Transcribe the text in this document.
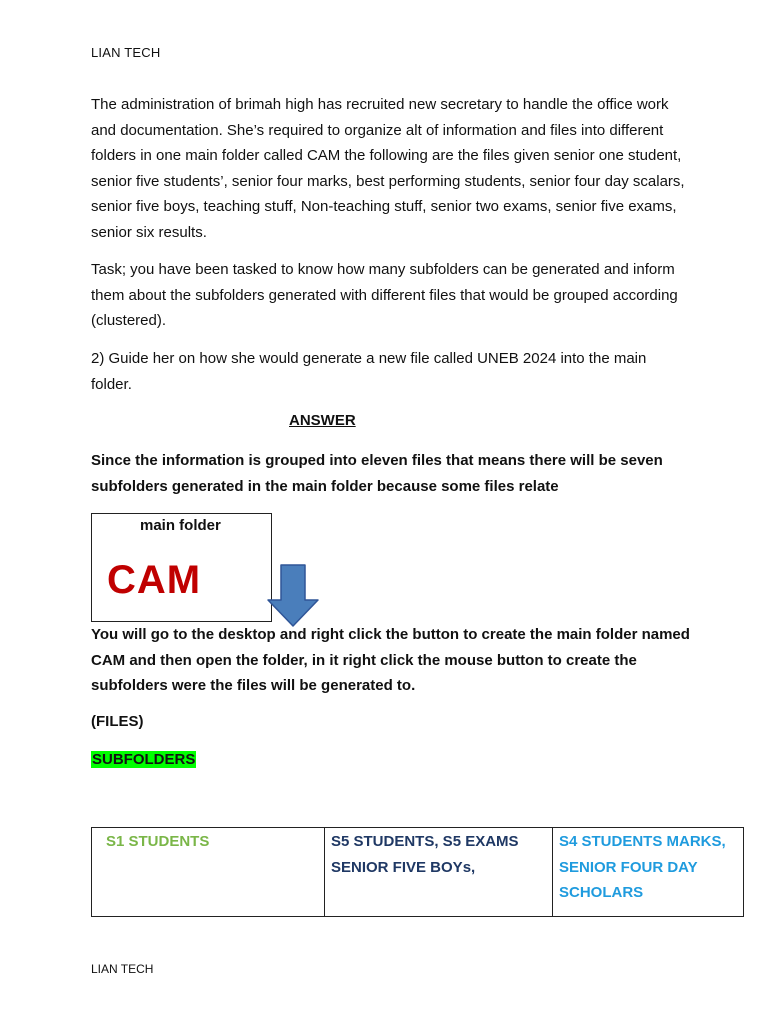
LIAN TECH

The administration of brimah high has recruited new secretary to handle the office work and documentation. She’s required to organize alt of information and files into different folders in one main folder called CAM the following are the files given senior one student, senior five students’, senior four marks, best performing students, senior four day scalars, senior five boys, teaching stuff, Non-teaching stuff, senior two exams, senior five exams, senior six results.

Task; you have been tasked to know how many subfolders can be generated and inform them about the subfolders generated with different files that would be grouped according (clustered).

2) Guide her on how she would generate a new file called UNEB 2024 into the main folder.

ANSWER

Since the information is grouped into eleven files that means there will be seven subfolders generated in the main folder because some files relate

main folder
CAM

You will go to the desktop and right click the button to create the main folder named CAM and then open the folder, in it right click the mouse button to create the subfolders were the files will be generated to.

(FILES)
SUBFOLDERS
S1 STUDENTS	S5 STUDENTS, S5 EXAMS SENIOR FIVE BOYs,	S4 STUDENTS MARKS, SENIOR FOUR DAY SCHOLARS
LIAN TECH
